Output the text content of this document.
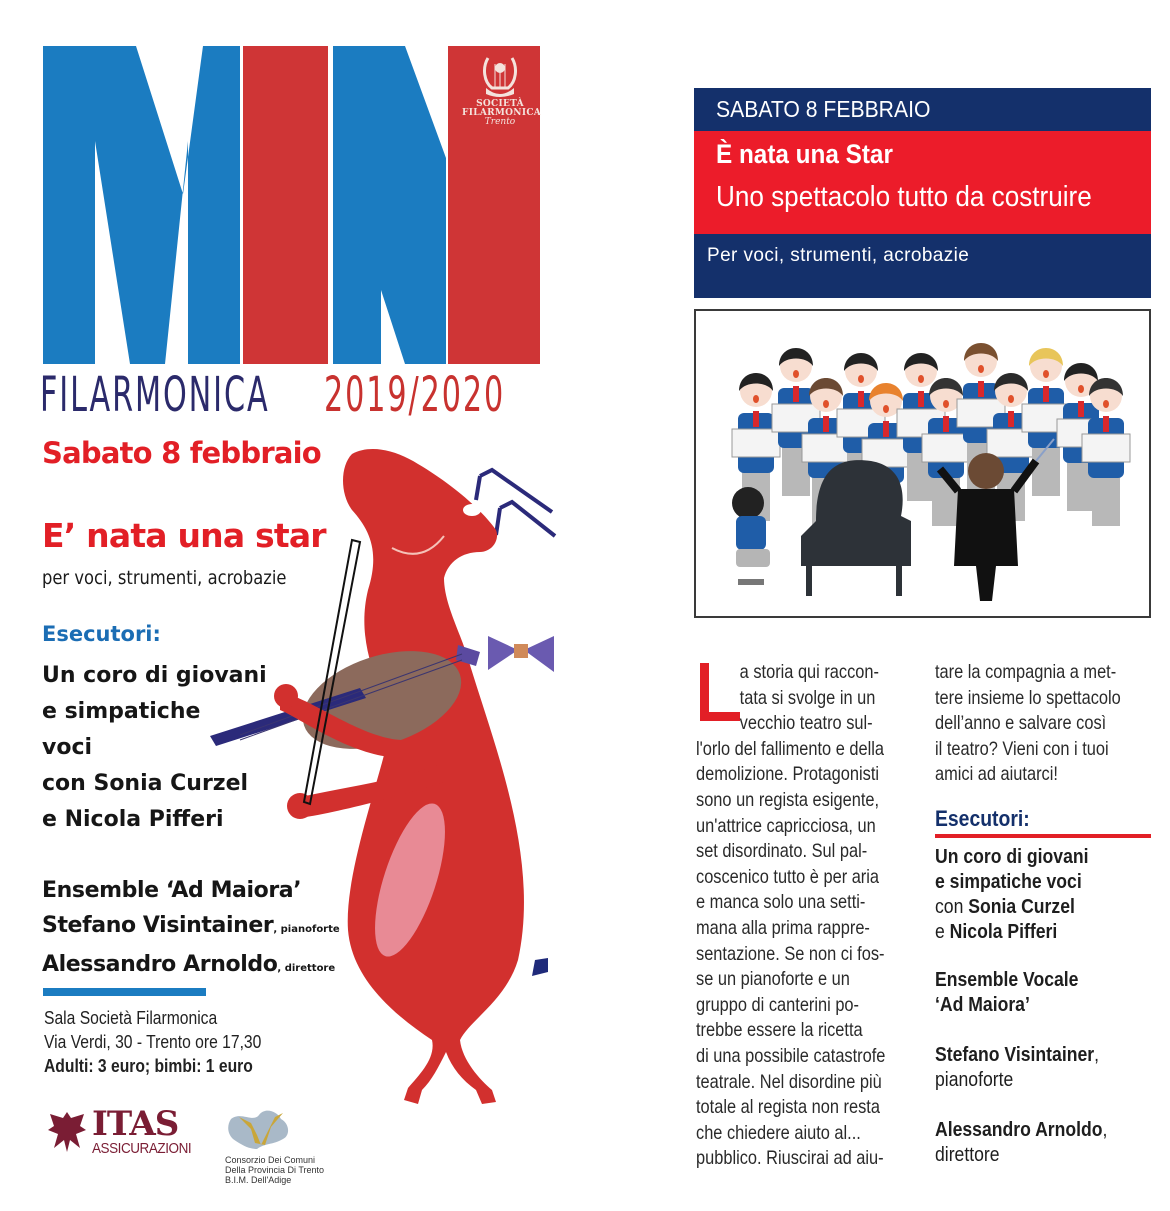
SOCIETÀ
FILARMONICA
Trento
FILARMONICA 2019/2020
Sabato 8 febbraio
E’ nata una star
per voci, strumenti, acrobazie
Esecutori:
Un coro di giovani
e simpatiche
voci
con Sonia Curzel
e Nicola Pifferi
Ensemble ‘Ad Maiora’
Stefano Visintainer, pianoforte
Alessandro Arnoldo, direttore
Sala Società Filarmonica
Via Verdi, 30 - Trento ore 17,30
Adulti: 3 euro; bimbi: 1 euro
ITAS
ASSICURAZIONI
Consorzio Dei Comuni
Della Provincia Di Trento
B.I.M. Dell'Adige
SABATO 8 FEBBRAIO
È nata una Star
Uno spettacolo tutto da costruire
Per voci, strumenti, acrobazie
a storia qui raccon-
tata si svolge in un
vecchio teatro sul-
l'orlo del fallimento e della
demolizione. Protagonisti
sono un regista esigente,
un'attrice capricciosa, un
set disordinato. Sul pal-
coscenico tutto è per aria
e manca solo una setti-
mana alla prima rappre-
sentazione. Se non ci fos-
se un pianoforte e un
gruppo di canterini po-
trebbe essere la ricetta
di una possibile catastrofe
teatrale. Nel disordine più
totale al regista non resta
che chiedere aiuto al...
pubblico. Riuscirai ad aiu-
tare la compagnia a met-
tere insieme lo spettacolo
dell’anno e salvare così
il teatro? Vieni con i tuoi
amici ad aiutarci!
Esecutori:
Un coro di giovani
e simpatiche voci
con Sonia Curzel
e Nicola Pifferi
Ensemble Vocale
‘Ad Maiora’
Stefano Visintainer,
pianoforte
Alessandro Arnoldo,
direttore
